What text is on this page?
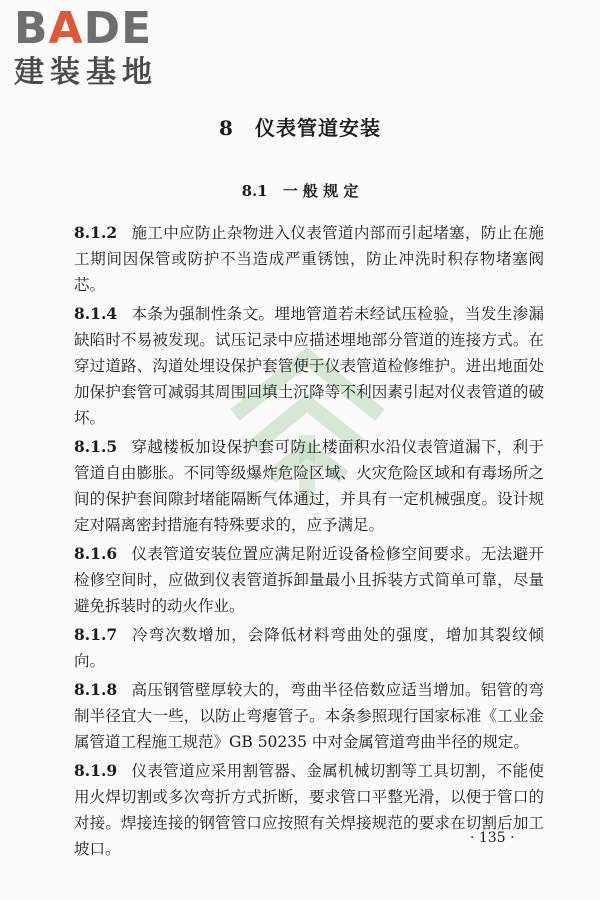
BADE
建装基地
8　仪表管道安装
8.1　一 般 规 定

8.1.2 施工中应防止杂物进入仪表管道内部而引起堵塞，防止在施工期间因保管或防护不当造成严重锈蚀，防止冲洗时积存物堵塞阀芯。

8.1.4 本条为强制性条文。埋地管道若未经试压检验，当发生渗漏缺陷时不易被发现。试压记录中应描述埋地部分管道的连接方式。在穿过道路、沟道处埋设保护套管便于仪表管道检修维护。进出地面处加保护套管可减弱其周围回填土沉降等不利因素引起对仪表管道的破坏。

8.1.5 穿越楼板加设保护套可防止楼面积水沿仪表管道漏下，利于管道自由膨胀。不同等级爆炸危险区域、火灾危险区域和有毒场所之间的保护套间隙封堵能隔断气体通过，并具有一定机械强度。设计规定对隔离密封措施有特殊要求的，应予满足。

8.1.6 仪表管道安装位置应满足附近设备检修空间要求。无法避开检修空间时，应做到仪表管道拆卸量最小且拆装方式简单可靠，尽量避免拆装时的动火作业。

8.1.7 冷弯次数增加，会降低材料弯曲处的强度，增加其裂纹倾向。

8.1.8 高压钢管壁厚较大的，弯曲半径倍数应适当增加。铝管的弯制半径宜大一些，以防止弯瘪管子。本条参照现行国家标准《工业金属管道工程施工规范》GB 50235 中对金属管道弯曲半径的规定。

8.1.9 仪表管道应采用割管器、金属机械切割等工具切割，不能使用火焊切割或多次弯折方式折断，要求管口平整光滑，以便于管口的对接。焊接连接的钢管管口应按照有关焊接规范的要求在切割后加工坡口。

· 135 ·
